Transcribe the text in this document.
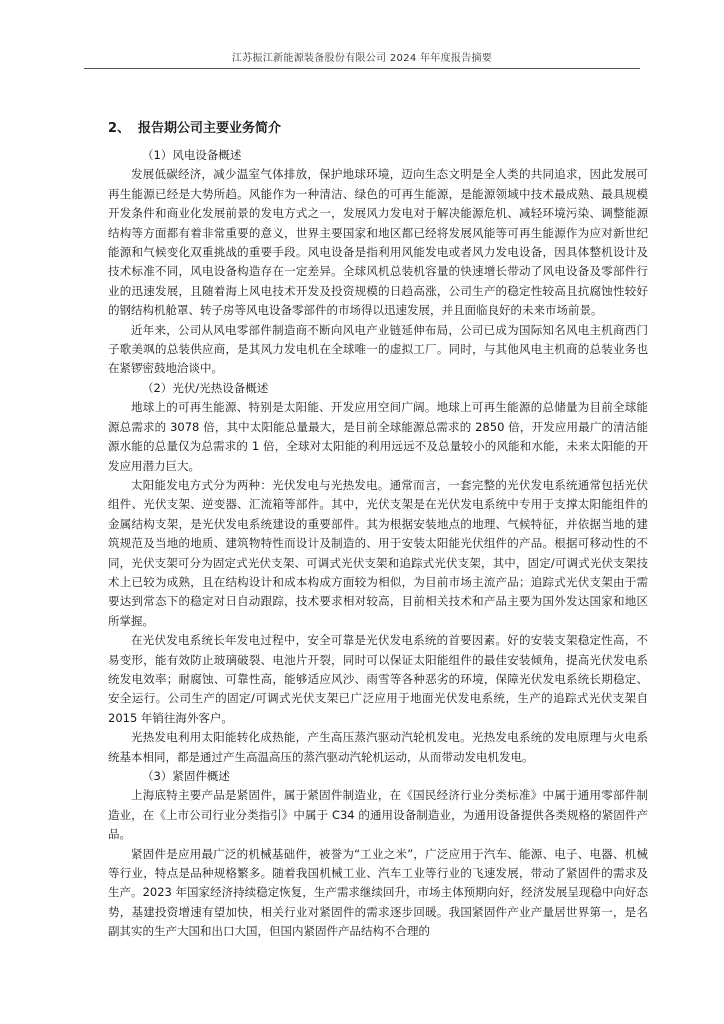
江苏振江新能源装备股份有限公司 2024 年年度报告摘要
2、 报告期公司主要业务简介

（1）风电设备概述

发展低碳经济，减少温室气体排放，保护地球环境，迈向生态文明是全人类的共同追求，因此发展可再生能源已经是大势所趋。风能作为一种清洁、绿色的可再生能源，是能源领域中技术最成熟、最具规模开发条件和商业化发展前景的发电方式之一，发展风力发电对于解决能源危机、减轻环境污染、调整能源结构等方面都有着非常重要的意义，世界主要国家和地区都已经将发展风能等可再生能源作为应对新世纪能源和气候变化双重挑战的重要手段。风电设备是指利用风能发电或者风力发电设备，因具体整机设计及技术标准不同，风电设备构造存在一定差异。全球风机总装机容量的快速增长带动了风电设备及零部件行业的迅速发展，且随着海上风电技术开发及投资规模的日趋高涨，公司生产的稳定性较高且抗腐蚀性较好的钢结构机舱罩、转子房等风电设备零部件的市场得以迅速发展，并且面临良好的未来市场前景。

近年来，公司从风电零部件制造商不断向风电产业链延伸布局，公司已成为国际知名风电主机商西门子歌美飒的总装供应商，是其风力发电机在全球唯一的虚拟工厂。同时，与其他风电主机商的总装业务也在紧锣密鼓地洽谈中。

（2）光伏/光热设备概述

地球上的可再生能源、特别是太阳能、开发应用空间广阔。地球上可再生能源的总储量为目前全球能源总需求的 3078 倍，其中太阳能总量最大，是目前全球能源总需求的 2850 倍，开发应用最广的清洁能源水能的总量仅为总需求的 1 倍，全球对太阳能的利用远远不及总量较小的风能和水能，未来太阳能的开发应用潜力巨大。

太阳能发电方式分为两种：光伏发电与光热发电。通常而言，一套完整的光伏发电系统通常包括光伏组件、光伏支架、逆变器、汇流箱等部件。其中，光伏支架是在光伏发电系统中专用于支撑太阳能组件的金属结构支架，是光伏发电系统建设的重要部件。其为根据安装地点的地理、气候特征，并依据当地的建筑规范及当地的地质、建筑物特性而设计及制造的、用于安装太阳能光伏组件的产品。根据可移动性的不同，光伏支架可分为固定式光伏支架、可调式光伏支架和追踪式光伏支架，其中，固定/可调式光伏支架技术上已较为成熟，且在结构设计和成本构成方面较为相似，为目前市场主流产品；追踪式光伏支架由于需要达到常态下的稳定对日自动跟踪，技术要求相对较高，目前相关技术和产品主要为国外发达国家和地区所掌握。

在光伏发电系统长年发电过程中，安全可靠是光伏发电系统的首要因素。好的安装支架稳定性高，不易变形，能有效防止玻璃破裂、电池片开裂，同时可以保证太阳能组件的最佳安装倾角，提高光伏发电系统发电效率；耐腐蚀、可靠性高，能够适应风沙、雨雪等各种恶劣的环境，保障光伏发电系统长期稳定、安全运行。公司生产的固定/可调式光伏支架已广泛应用于地面光伏发电系统，生产的追踪式光伏支架自 2015 年销往海外客户。

光热发电利用太阳能转化成热能，产生高压蒸汽驱动汽轮机发电。光热发电系统的发电原理与火电系统基本相同，都是通过产生高温高压的蒸汽驱动汽轮机运动，从而带动发电机发电。

（3）紧固件概述

上海底特主要产品是紧固件，属于紧固件制造业，在《国民经济行业分类标准》中属于通用零部件制造业，在《上市公司行业分类指引》中属于 C34 的通用设备制造业，为通用设备提供各类规格的紧固件产品。

紧固件是应用最广泛的机械基础件，被誉为“工业之米”，广泛应用于汽车、能源、电子、电器、机械等行业，特点是品种规格繁多。随着我国机械工业、汽车工业等行业的飞速发展，带动了紧固件的需求及生产。2023 年国家经济持续稳定恢复，生产需求继续回升，市场主体预期向好，经济发展呈现稳中向好态势，基建投资增速有望加快，相关行业对紧固件的需求逐步回暖。我国紧固件产业产量居世界第一，是名副其实的生产大国和出口大国，但国内紧固件产品结构不合理的
